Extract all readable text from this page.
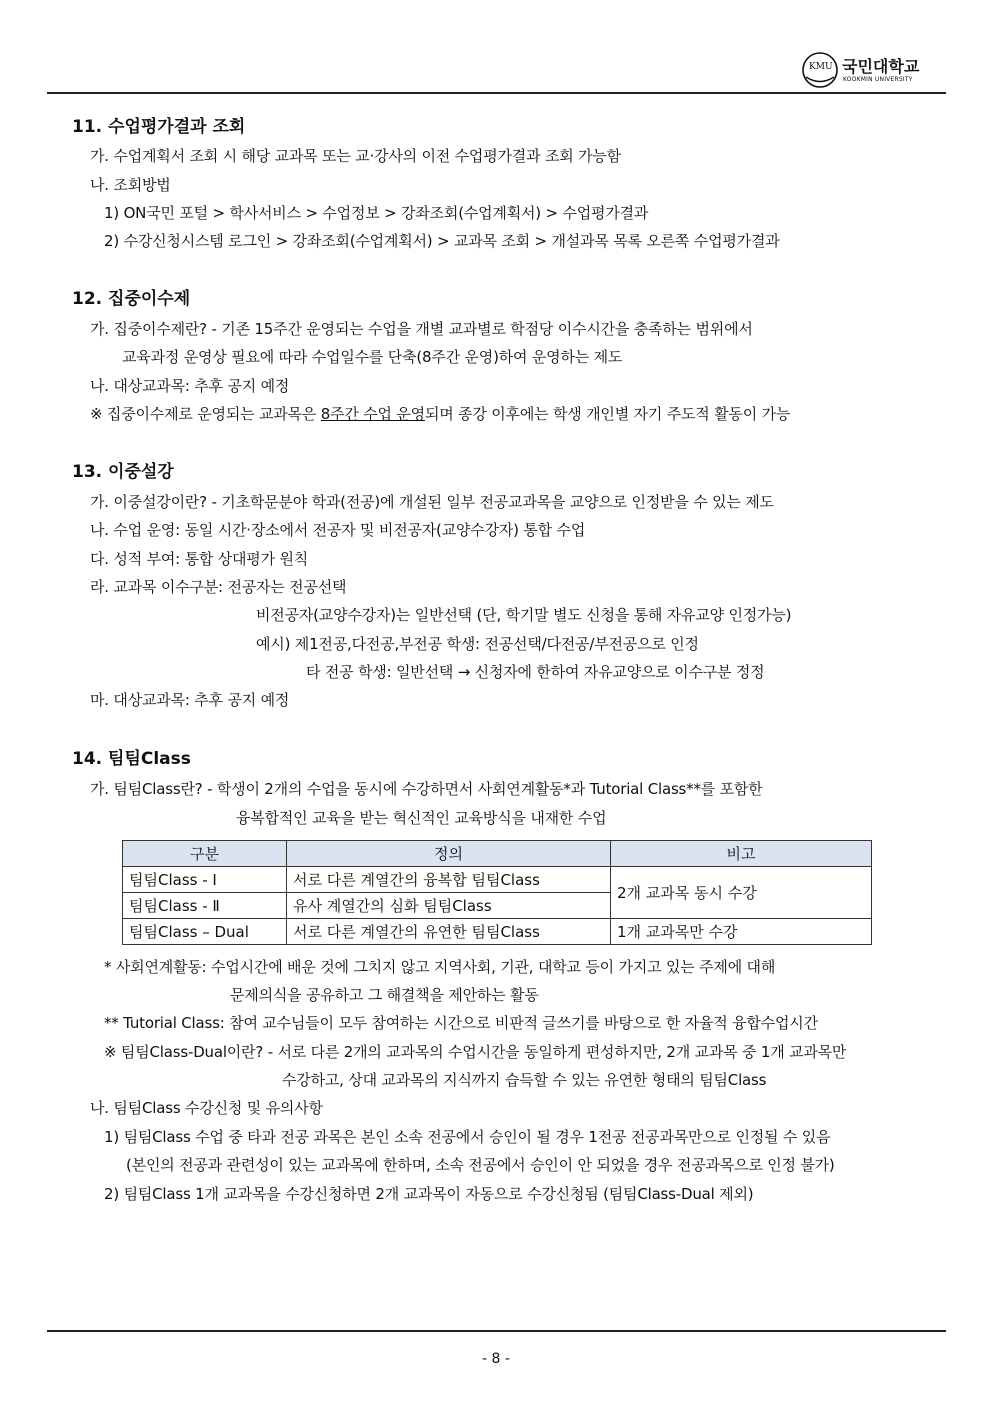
KMU 국민대학교
KOOKMIN UNIVERSITY
11. 수업평가결과 조회
가. 수업계획서 조회 시 해당 교과목 또는 교·강사의 이전 수업평가결과 조회 가능함
나. 조회방법
1) ON국민 포털 > 학사서비스 > 수업정보 > 강좌조회(수업계획서) > 수업평가결과
2) 수강신청시스템 로그인 > 강좌조회(수업계획서) > 교과목 조회 > 개설과목 목록 오른쪽 수업평가결과
12. 집중이수제
가. 집중이수제란? - 기존 15주간 운영되는 수업을 개별 교과별로 학점당 이수시간을 충족하는 범위에서
교육과정 운영상 필요에 따라 수업일수를 단축(8주간 운영)하여 운영하는 제도
나. 대상교과목: 추후 공지 예정
※ 집중이수제로 운영되는 교과목은 8주간 수업 운영되며 종강 이후에는 학생 개인별 자기 주도적 활동이 가능
13. 이중설강
가. 이중설강이란? - 기초학문분야 학과(전공)에 개설된 일부 전공교과목을 교양으로 인정받을 수 있는 제도
나. 수업 운영: 동일 시간·장소에서 전공자 및 비전공자(교양수강자) 통합 수업
다. 성적 부여: 통합 상대평가 원칙
라. 교과목 이수구분: 전공자는 전공선택
비전공자(교양수강자)는 일반선택 (단, 학기말 별도 신청을 통해 자유교양 인정가능)
예시) 제1전공,다전공,부전공 학생: 전공선택/다전공/부전공으로 인정
타 전공 학생: 일반선택 → 신청자에 한하여 자유교양으로 이수구분 정정
마. 대상교과목: 추후 공지 예정
14. 팀팀Class
가. 팀팀Class란? - 학생이 2개의 수업을 동시에 수강하면서 사회연계활동*과 Tutorial Class**를 포함한
융복합적인 교육을 받는 혁신적인 교육방식을 내재한 수업
구분	정의	비고
팀팀Class - Ⅰ	서로 다른 계열간의 융복합 팀팀Class	2개 교과목 동시 수강
팀팀Class - Ⅱ	유사 계열간의 심화 팀팀Class	
팀팀Class – Dual	서로 다른 계열간의 유연한 팀팀Class	1개 교과목만 수강
* 사회연계활동: 수업시간에 배운 것에 그치지 않고 지역사회, 기관, 대학교 등이 가지고 있는 주제에 대해
문제의식을 공유하고 그 해결책을 제안하는 활동
** Tutorial Class: 참여 교수님들이 모두 참여하는 시간으로 비판적 글쓰기를 바탕으로 한 자율적 융합수업시간
※ 팀팀Class-Dual이란? - 서로 다른 2개의 교과목의 수업시간을 동일하게 편성하지만, 2개 교과목 중 1개 교과목만
수강하고, 상대 교과목의 지식까지 습득할 수 있는 유연한 형태의 팀팀Class
나. 팀팀Class 수강신청 및 유의사항
1) 팀팀Class 수업 중 타과 전공 과목은 본인 소속 전공에서 승인이 될 경우 1전공 전공과목만으로 인정될 수 있음
(본인의 전공과 관련성이 있는 교과목에 한하며, 소속 전공에서 승인이 안 되었을 경우 전공과목으로 인정 불가)
2) 팀팀Class 1개 교과목을 수강신청하면 2개 교과목이 자동으로 수강신청됨 (팀팀Class-Dual 제외)
- 8 -
